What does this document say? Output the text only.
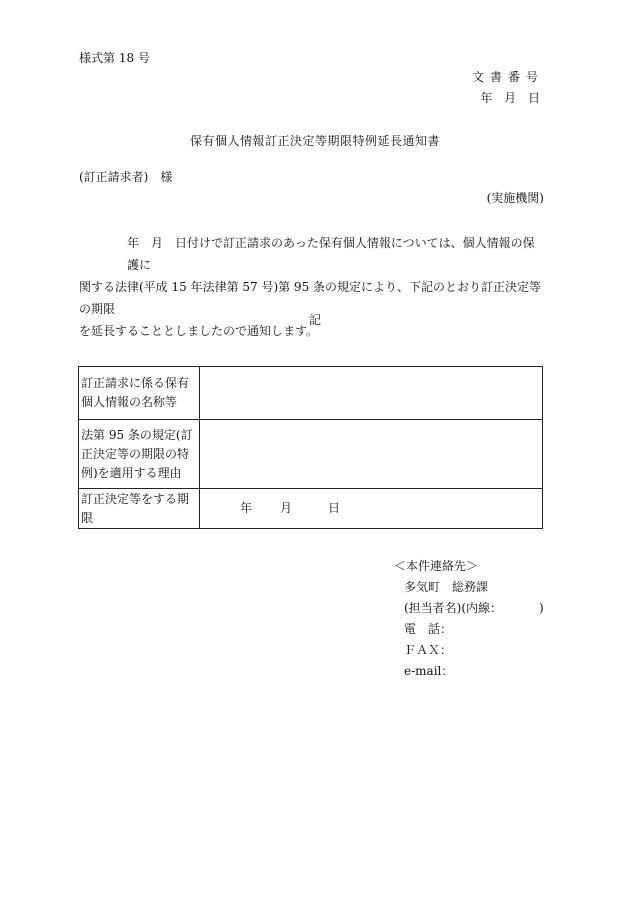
様式第 18 号
文書番号
年 月 日
保有個人情報訂正決定等期限特例延長通知書
(訂正請求者)　様
(実施機関)

年　月　日付けで訂正請求のあった保有個人情報については、個人情報の保護に

関する法律(平成 15 年法律第 57 号)第 95 条の規定により、下記のとおり訂正決定等の期限

を延長することとしましたので通知します。

記
訂正請求に係る保有個人情報の名称等	
法第 95 条の規定(訂正決定等の期限の特例)を適用する理由	
訂正決定等をする期限	年 月 日
＜本件連絡先＞
多気町　総務課
(担当者名)(内線：	)
電　話：
ＦＡＸ：
e-mail：
